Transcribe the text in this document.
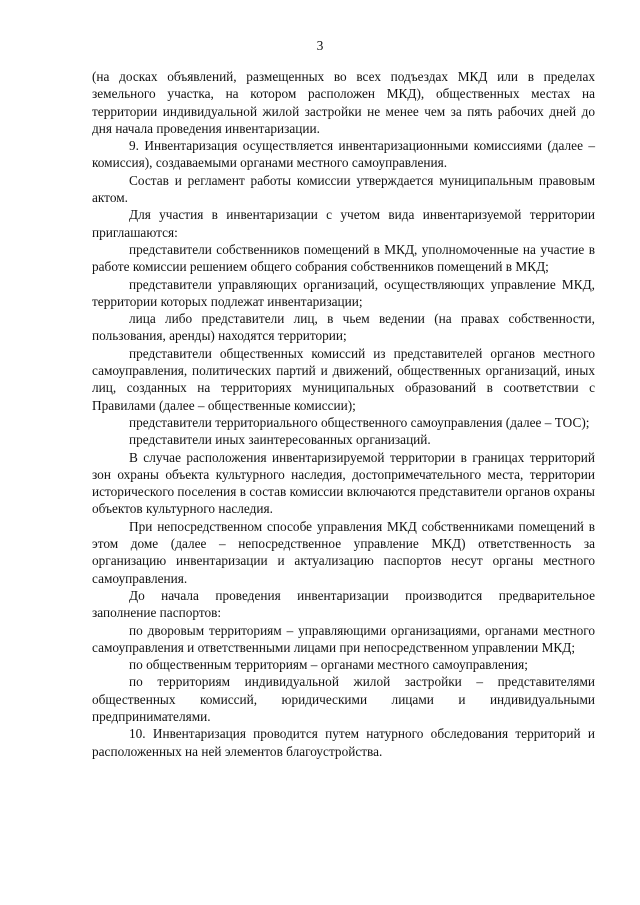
3

(на досках объявлений, размещенных во всех подъездах МКД или в пределах земельного участка, на котором расположен МКД), общественных местах на территории индивидуальной жилой застройки не менее чем за пять рабочих дней до дня начала проведения инвентаризации.

9. Инвентаризация осуществляется инвентаризационными комиссиями (далее – комиссия), создаваемыми органами местного самоуправления.

Состав и регламент работы комиссии утверждается муниципальным правовым актом.

Для участия в инвентаризации с учетом вида инвентаризуемой территории приглашаются:

представители собственников помещений в МКД, уполномоченные на участие в работе комиссии решением общего собрания собственников помещений в МКД;

представители управляющих организаций, осуществляющих управление МКД, территории которых подлежат инвентаризации;

лица либо представители лиц, в чьем ведении (на правах собственности, пользования, аренды) находятся территории;

представители общественных комиссий из представителей органов местного самоуправления, политических партий и движений, общественных организаций, иных лиц, созданных на территориях муниципальных образований в соответствии с Правилами (далее – общественные комиссии);

представители территориального общественного самоуправления (далее – ТОС);

представители иных заинтересованных организаций.

В случае расположения инвентаризируемой территории в границах территорий зон охраны объекта культурного наследия, достопримечательного места, территории исторического поселения в состав комиссии включаются представители органов охраны объектов культурного наследия.

При непосредственном способе управления МКД собственниками помещений в этом доме (далее – непосредственное управление МКД) ответственность за организацию инвентаризации и актуализацию паспортов несут органы местного самоуправления.

До начала проведения инвентаризации производится предварительное заполнение паспортов:

по дворовым территориям – управляющими организациями, органами местного самоуправления и ответственными лицами при непосредственном управлении МКД;

по общественным территориям – органами местного самоуправления;

по территориям индивидуальной жилой застройки – представителями общественных комиссий, юридическими лицами и индивидуальными предпринимателями.

10. Инвентаризация проводится путем натурного обследования территорий и расположенных на ней элементов благоустройства.
